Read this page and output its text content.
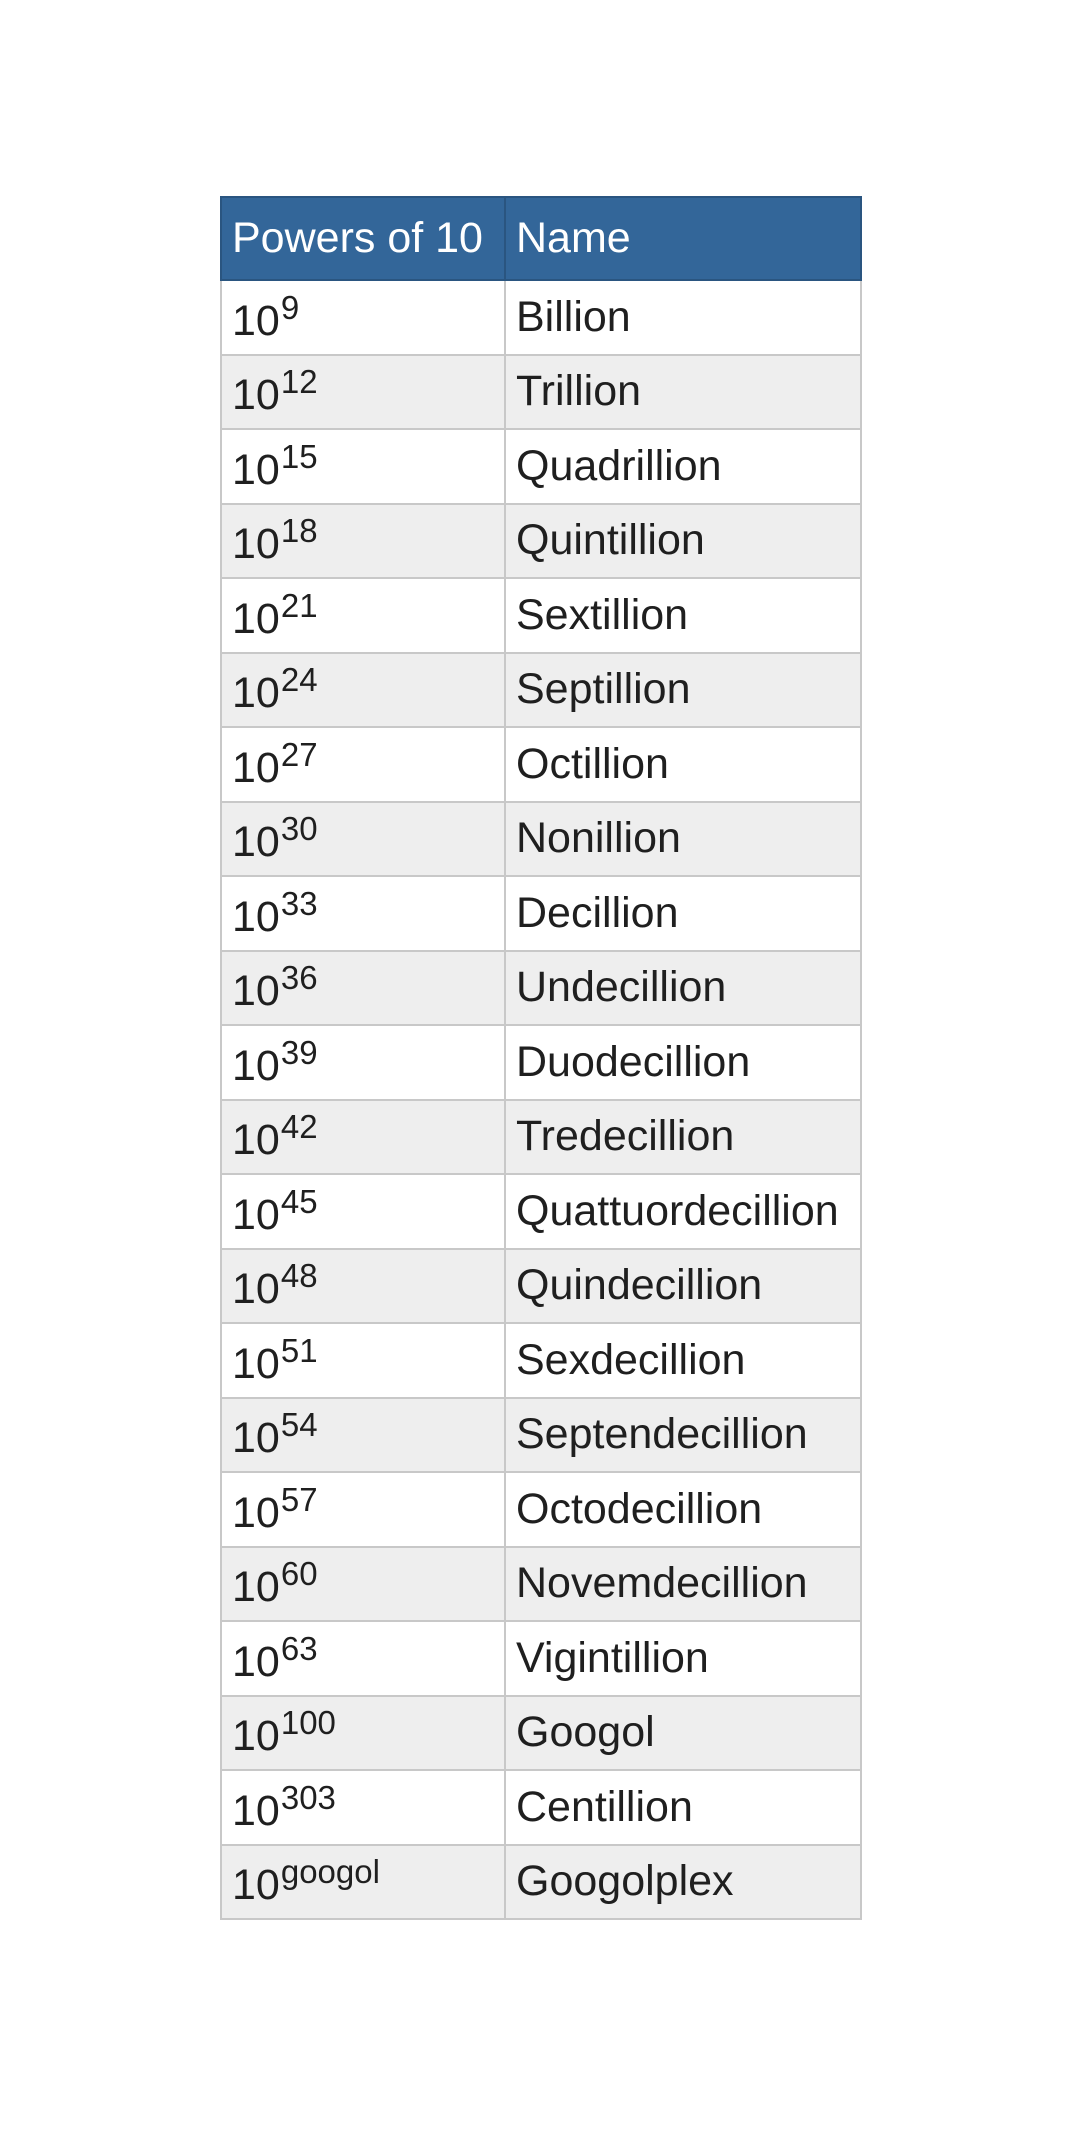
Powers of 10	Name
$10^9$	Billion
$10^{12}$	Trillion
$10^{15}$	Quadrillion
$10^{18}$	Quintillion
$10^{21}$	Sextillion
$10^{24}$	Septillion
$10^{27}$	Octillion
$10^{30}$	Nonillion
$10^{33}$	Decillion
$10^{36}$	Undecillion
$10^{39}$	Duodecillion
$10^{42}$	Tredecillion
$10^{45}$	Quattuordecillion
$10^{48}$	Quindecillion
$10^{51}$	Sexdecillion
$10^{54}$	Septendecillion
$10^{57}$	Octodecillion
$10^{60}$	Novemdecillion
$10^{63}$	Vigintillion
$10^{100}$	Googol
$10^{303}$	Centillion
$10^{googol}$	Googolplex
